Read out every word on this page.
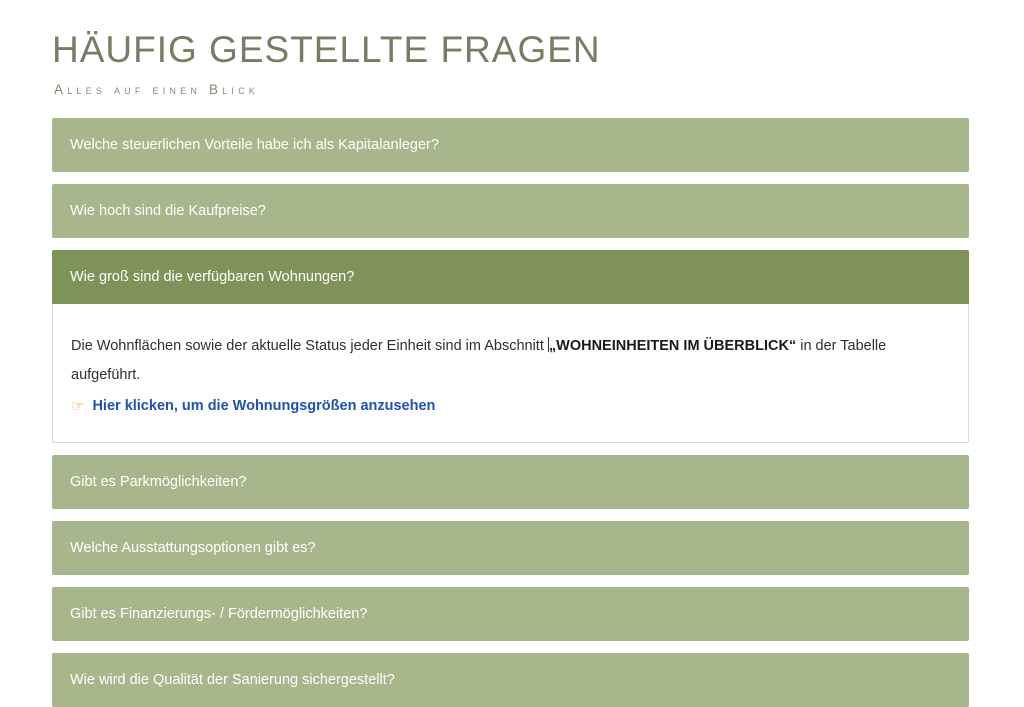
HÄUFIG GESTELLTE FRAGEN
Alles auf einen Blick
Welche steuerlichen Vorteile habe ich als Kapitalanleger?
Wie hoch sind die Kaufpreise?
Wie groß sind die verfügbaren Wohnungen?

Die Wohnflächen sowie der aktuelle Status jeder Einheit sind im Abschnitt „WOHNEINHEITEN IM ÜBERBLICK“ in der Tabelle aufgeführt.

☞ Hier klicken, um die Wohnungsgrößen anzusehen
Gibt es Parkmöglichkeiten?
Welche Ausstattungsoptionen gibt es?
Gibt es Finanzierungs- / Fördermöglichkeiten?
Wie wird die Qualität der Sanierung sichergestellt?
